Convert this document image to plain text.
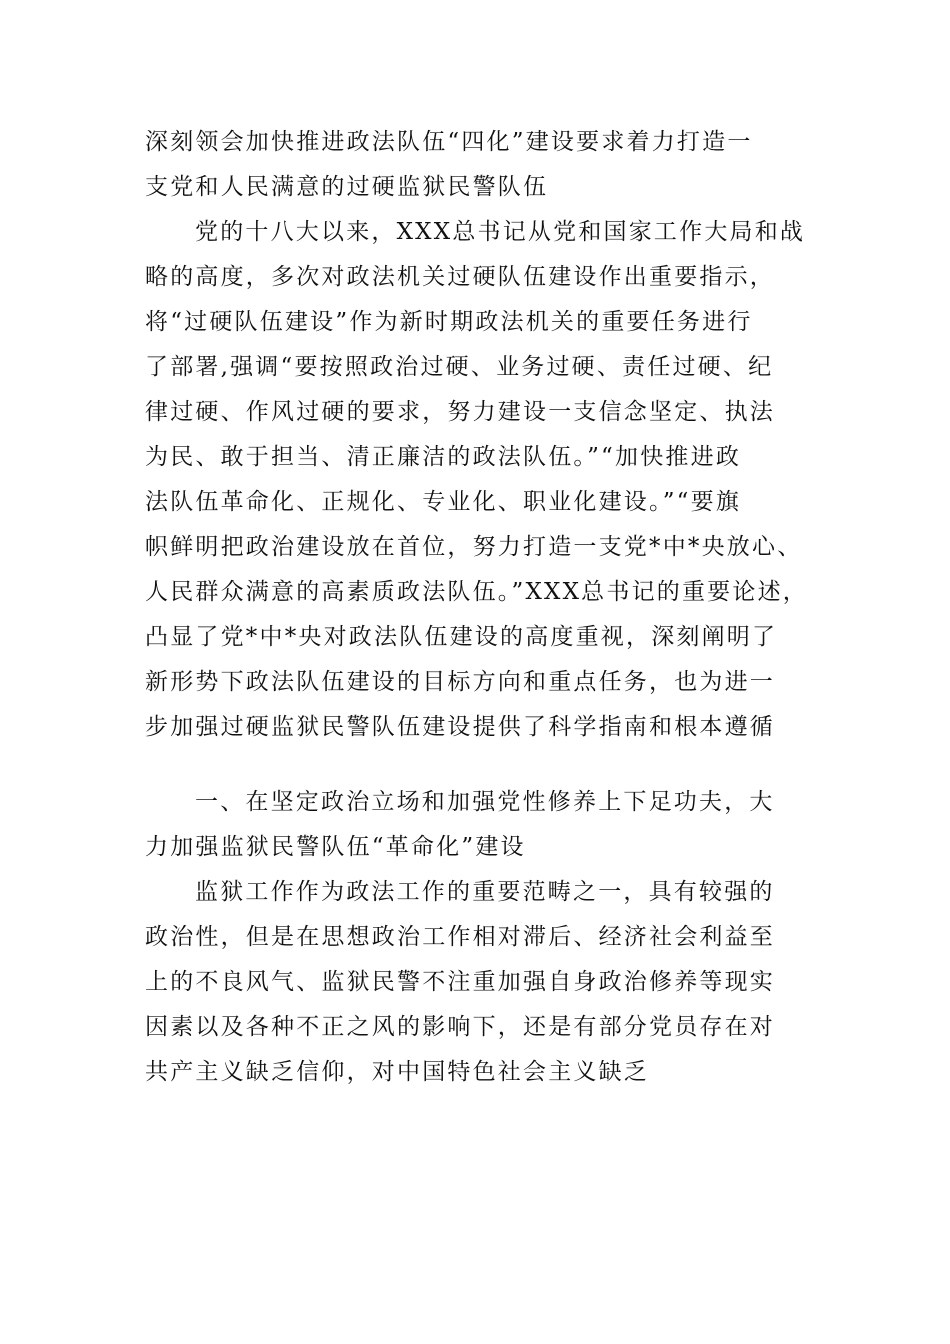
深刻领会加快推进政法队伍“四化”建设要求着力打造一
支党和人民满意的过硬监狱民警队伍
党的十八大以来，XXX总书记从党和国家工作大局和战
略的高度，多次对政法机关过硬队伍建设作出重要指示，
将“过硬队伍建设”作为新时期政法机关的重要任务进行
了部署,强调“要按照政治过硬、业务过硬、责任过硬、纪
律过硬、作风过硬的要求，努力建设一支信念坚定、执法
为民、敢于担当、清正廉洁的政法队伍。”“加快推进政
法队伍革命化、正规化、专业化、职业化建设。”“要旗
帜鲜明把政治建设放在首位，努力打造一支党*中*央放心、
人民群众满意的高素质政法队伍。”XXX总书记的重要论述，
凸显了党*中*央对政法队伍建设的高度重视，深刻阐明了
新形势下政法队伍建设的目标方向和重点任务，也为进一
步加强过硬监狱民警队伍建设提供了科学指南和根本遵循
一、在坚定政治立场和加强党性修养上下足功夫，大
力加强监狱民警队伍“革命化”建设
监狱工作作为政法工作的重要范畴之一，具有较强的
政治性，但是在思想政治工作相对滞后、经济社会利益至
上的不良风气、监狱民警不注重加强自身政治修养等现实
因素以及各种不正之风的影响下，还是有部分党员存在对
共产主义缺乏信仰，对中国特色社会主义缺乏
